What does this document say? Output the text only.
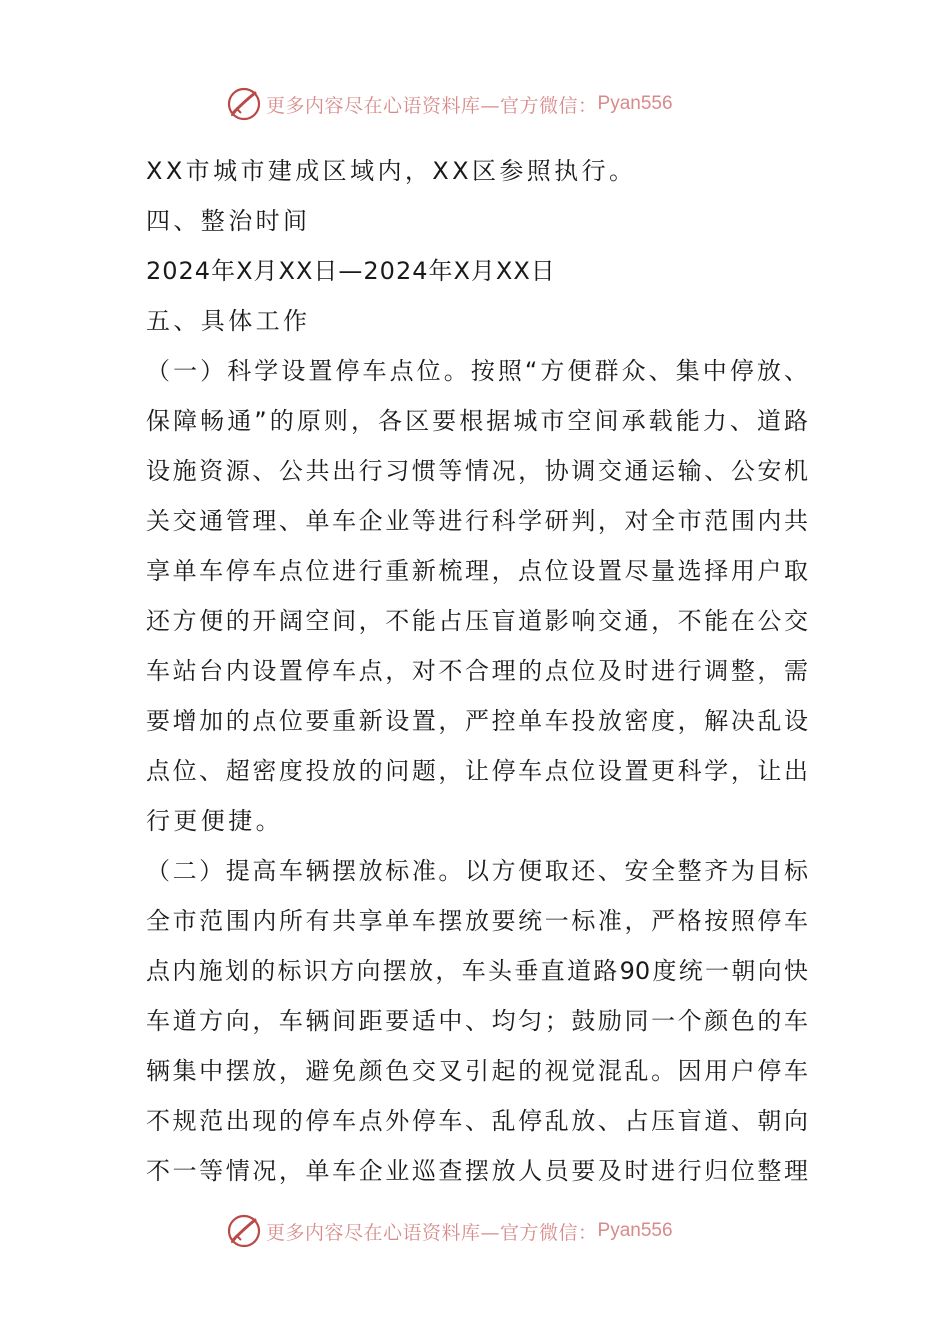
更多内容尽在心语资料库—官方微信： Pyan556
XX市城市建成区域内，XX区参照执行。
四、整治时间
2024年X月XX日—2024年X月XX日
五、具体工作
（一）科学设置停车点位。按照“方便群众、集中停放、
保障畅通”的原则，各区要根据城市空间承载能力、道路
设施资源、公共出行习惯等情况，协调交通运输、公安机
关交通管理、单车企业等进行科学研判，对全市范围内共
享单车停车点位进行重新梳理，点位设置尽量选择用户取
还方便的开阔空间，不能占压盲道影响交通，不能在公交
车站台内设置停车点，对不合理的点位及时进行调整，需
要增加的点位要重新设置，严控单车投放密度，解决乱设
点位、超密度投放的问题，让停车点位设置更科学，让出
行更便捷。
（二）提高车辆摆放标准。以方便取还、安全整齐为目标
全市范围内所有共享单车摆放要统一标准，严格按照停车
点内施划的标识方向摆放，车头垂直道路90度统一朝向快
车道方向，车辆间距要适中、均匀；鼓励同一个颜色的车
辆集中摆放，避免颜色交叉引起的视觉混乱。因用户停车
不规范出现的停车点外停车、乱停乱放、占压盲道、朝向
不一等情况，单车企业巡查摆放人员要及时进行归位整理
更多内容尽在心语资料库—官方微信： Pyan556
